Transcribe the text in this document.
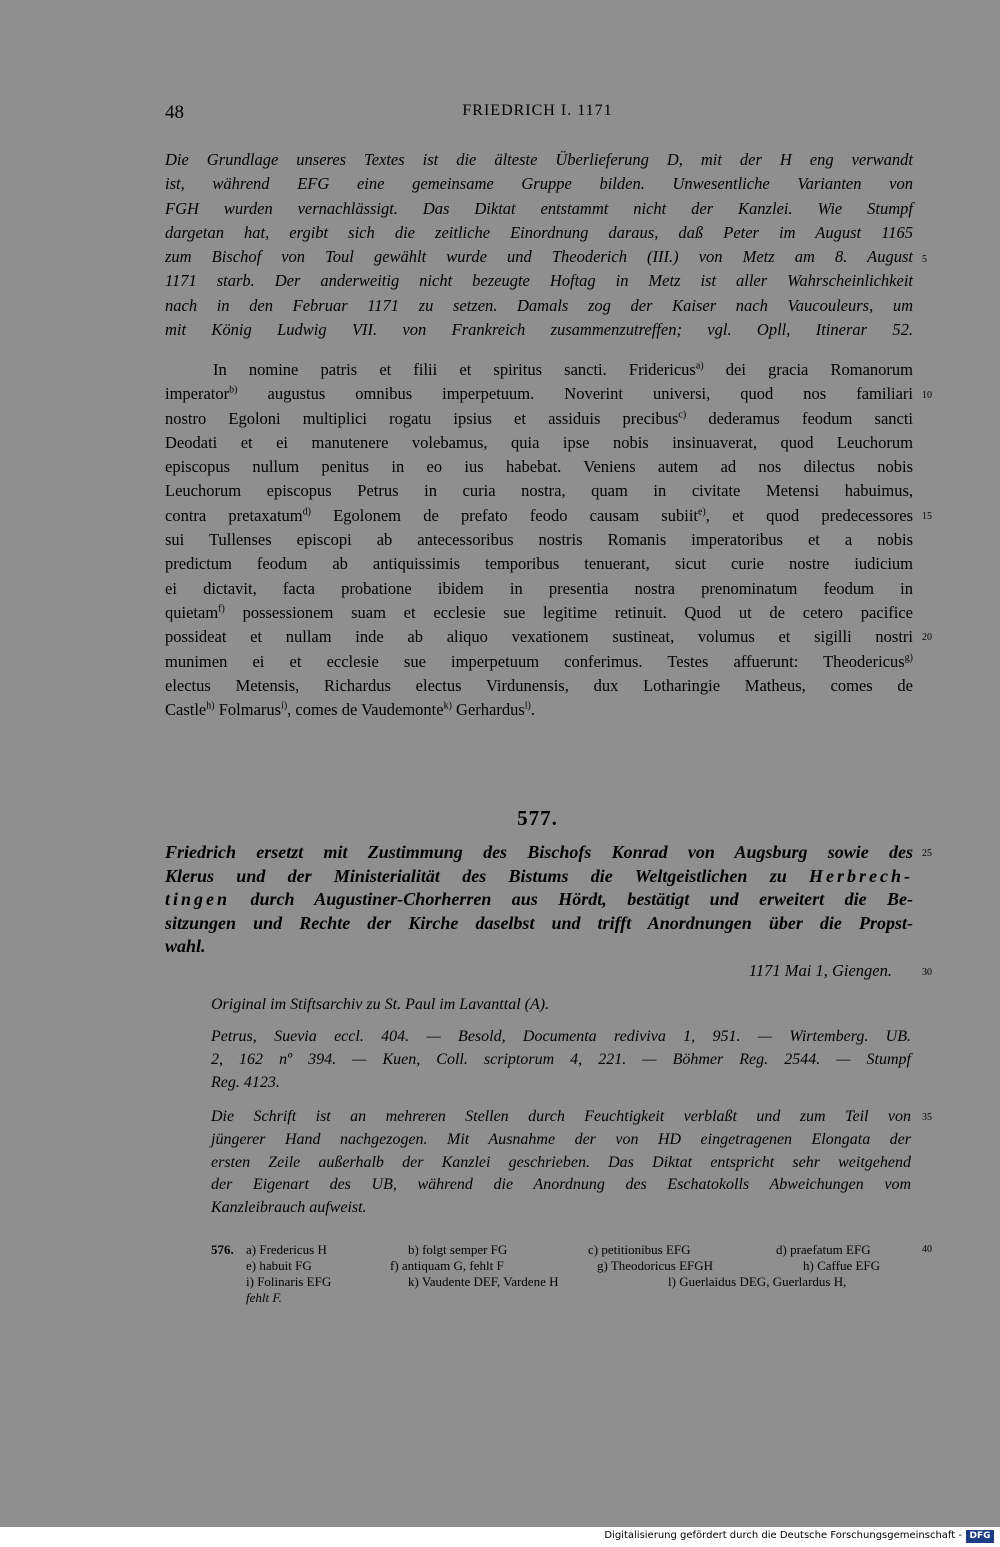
48	FRIEDRICH I. 1171
Die Grundlage unseres Textes ist die älteste Überlieferung D, mit der H eng verwandt
ist, während EFG eine gemeinsame Gruppe bilden. Unwesentliche Varianten von
FGH wurden vernachlässigt. Das Diktat entstammt nicht der Kanzlei. Wie Stumpf
dargetan hat, ergibt sich die zeitliche Einordnung daraus, daß Peter im August 1165
zum Bischof von Toul gewählt wurde und Theoderich (III.) von Metz am 8. August
1171 starb. Der anderweitig nicht bezeugte Hoftag in Metz ist aller Wahrscheinlichkeit
nach in den Februar 1171 zu setzen. Damals zog der Kaiser nach Vaucouleurs, um
mit König Ludwig VII. von Frankreich zusammenzutreffen; vgl. Opll, Itinerar 52.
In nomine patris et filii et spiritus sancti. Fridericus$^{a)}$ dei gracia Romanorum
imperator$^{b)}$ augustus omnibus imperpetuum. Noverint universi, quod nos familiari
nostro Egoloni multiplici rogatu ipsius et assiduis precibus$^{c)}$ dederamus feodum sancti
Deodati et ei manutenere volebamus, quia ipse nobis insinuaverat, quod Leuchorum
episcopus nullum penitus in eo ius habebat. Veniens autem ad nos dilectus nobis
Leuchorum episcopus Petrus in curia nostra, quam in civitate Metensi habuimus,
contra pretaxatum$^{d)}$ Egolonem de prefato feodo causam subiit$^{e)}$, et quod predecessores
sui Tullenses episcopi ab antecessoribus nostris Romanis imperatoribus et a nobis
predictum feodum ab antiquissimis temporibus tenuerant, sicut curie nostre iudicium
ei dictavit, facta probatione ibidem in presentia nostra prenominatum feodum in
quietam$^{f)}$ possessionem suam et ecclesie sue legitime retinuit. Quod ut de cetero pacifice
possideat et nullam inde ab aliquo vexationem sustineat, volumus et sigilli nostri
munimen ei et ecclesie sue imperpetuum conferimus. Testes affuerunt: Theodericus$^{g)}$
electus Metensis, Richardus electus Virdunensis, dux Lotharingie Matheus, comes de
Castle$^{h)}$ Folmarus$^{i)}$, comes de Vaudemonte$^{k)}$ Gerhardus$^{l)}$.
577.
Friedrich ersetzt mit Zustimmung des Bischofs Konrad von Augsburg sowie des
Klerus und der Ministerialität des Bistums die Weltgeistlichen zu Herbrech-
tingen durch Augustiner-Chorherren aus Hördt, bestätigt und erweitert die Be-
sitzungen und Rechte der Kirche daselbst und trifft Anordnungen über die Propst-
wahl.
1171 Mai 1, Giengen.
Original im Stiftsarchiv zu St. Paul im Lavanttal (A).
Petrus, Suevia eccl. 404. — Besold, Documenta rediviva 1, 951. — Wirtemberg. UB.
2, 162 nº 394. — Kuen, Coll. scriptorum 4, 221. — Böhmer Reg. 2544. — Stumpf
Reg. 4123.
Die Schrift ist an mehreren Stellen durch Feuchtigkeit verblaßt und zum Teil von
jüngerer Hand nachgezogen. Mit Ausnahme der von HD eingetragenen Elongata der
ersten Zeile außerhalb der Kanzlei geschrieben. Das Diktat entspricht sehr weitgehend
der Eigenart des UB, während die Anordnung des Eschatokolls Abweichungen vom
Kanzleibrauch aufweist.
576. a) Fredericus H	b) folgt semper FG	c) petitionibus EFG	d) praefatum EFG
e) habuit FG	f) antiquam G, fehlt F	g) Theodoricus EFGH	h) Caffue EFG
i) Folinaris EFG	k) Vaudente DEF, Vardene H	l) Guerlaidus DEG, Guerlardus H,
fehlt F.
5
10
15
20
25
30
35
40
Digitalisierung gefördert durch die Deutsche Forschungsgemeinschaft - DFG
